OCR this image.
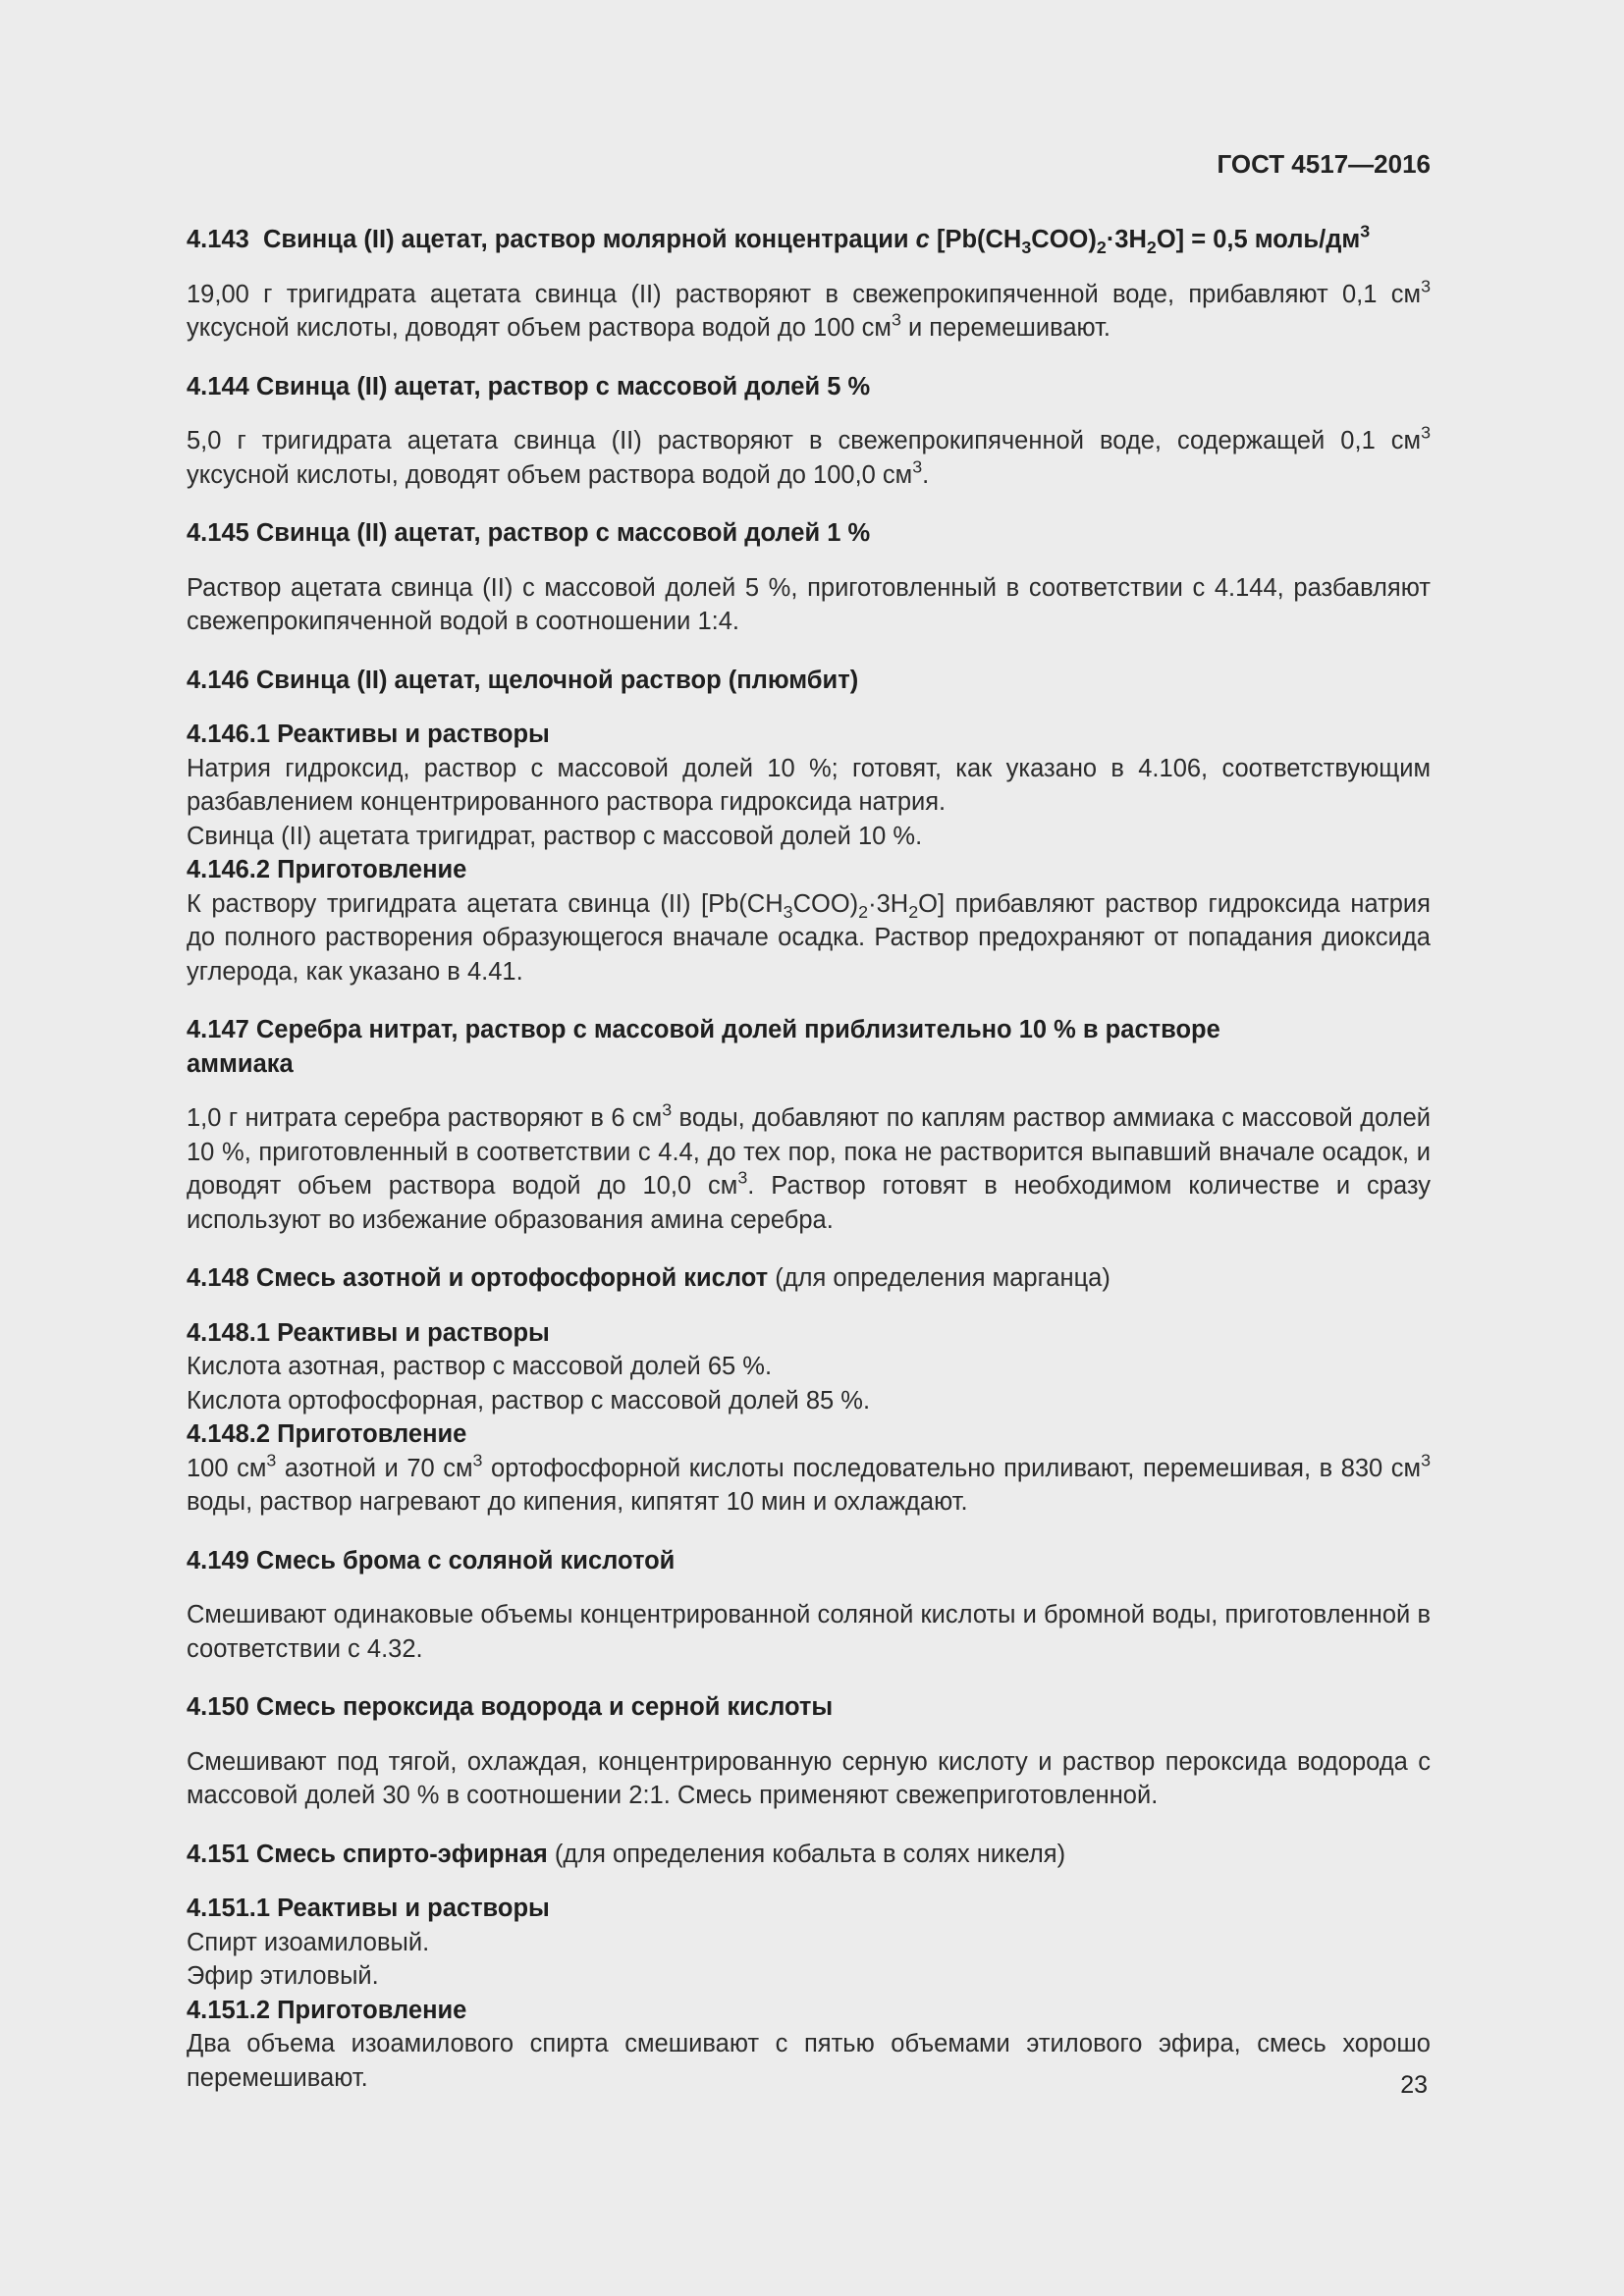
ГОСТ 4517—2016

4.143 Свинца (II) ацетат, раствор молярной концентрации c $[Pb(CH_3COO)_2\cdot 3H_2O] = 0,5$ моль/$дм^3$

19,00 г тригидрата ацетата свинца (II) растворяют в свежепрокипяченной воде, прибавляют 0,1 $см^3$ уксусной кислоты, доводят объем раствора водой до 100 $см^3$ и перемешивают.

4.144 Свинца (II) ацетат, раствор с массовой долей 5 %

5,0 г тригидрата ацетата свинца (II) растворяют в свежепрокипяченной воде, содержащей 0,1 $см^3$ уксусной кислоты, доводят объем раствора водой до 100,0 $см^3$.

4.145 Свинца (II) ацетат, раствор с массовой долей 1 %

Раствор ацетата свинца (II) с массовой долей 5 %, приготовленный в соответствии с 4.144, разбавляют свежепрокипяченной водой в соотношении 1:4.

4.146 Свинца (II) ацетат, щелочной раствор (плюмбит)

4.146.1 Реактивы и растворы

Натрия гидроксид, раствор с массовой долей 10 %; готовят, как указано в 4.106, соответствующим разбавлением концентрированного раствора гидроксида натрия.

Свинца (II) ацетата тригидрат, раствор с массовой долей 10 %.

4.146.2 Приготовление

К раствору тригидрата ацетата свинца (II) $[Pb(CH_3COO)_2\cdot 3H_2O]$ прибавляют раствор гидроксида натрия до полного растворения образующегося вначале осадка. Раствор предохраняют от попадания диоксида углерода, как указано в 4.41.

4.147 Серебра нитрат, раствор с массовой долей приблизительно 10 % в растворе
аммиака

1,0 г нитрата серебра растворяют в 6 $см^3$ воды, добавляют по каплям раствор аммиака с массовой долей 10 %, приготовленный в соответствии с 4.4, до тех пор, пока не растворится выпавший вначале осадок, и доводят объем раствора водой до 10,0 $см^3$. Раствор готовят в необходимом количестве и сразу используют во избежание образования амина серебра.

4.148 Смесь азотной и ортофосфорной кислот (для определения марганца)

4.148.1 Реактивы и растворы

Кислота азотная, раствор с массовой долей 65 %.

Кислота ортофосфорная, раствор с массовой долей 85 %.

4.148.2 Приготовление

100 $см^3$ азотной и 70 $см^3$ ортофосфорной кислоты последовательно приливают, перемешивая, в 830 $см^3$ воды, раствор нагревают до кипения, кипятят 10 мин и охлаждают.

4.149 Смесь брома с соляной кислотой

Смешивают одинаковые объемы концентрированной соляной кислоты и бромной воды, приготовленной в соответствии с 4.32.

4.150 Смесь пероксида водорода и серной кислоты

Смешивают под тягой, охлаждая, концентрированную серную кислоту и раствор пероксида водорода с массовой долей 30 % в соотношении 2:1. Смесь применяют свежеприготовленной.

4.151 Смесь спирто-эфирная (для определения кобальта в солях никеля)

4.151.1 Реактивы и растворы

Спирт изоамиловый.

Эфир этиловый.

4.151.2 Приготовление

Два объема изоамилового спирта смешивают с пятью объемами этилового эфира, смесь хорошо перемешивают.	23
